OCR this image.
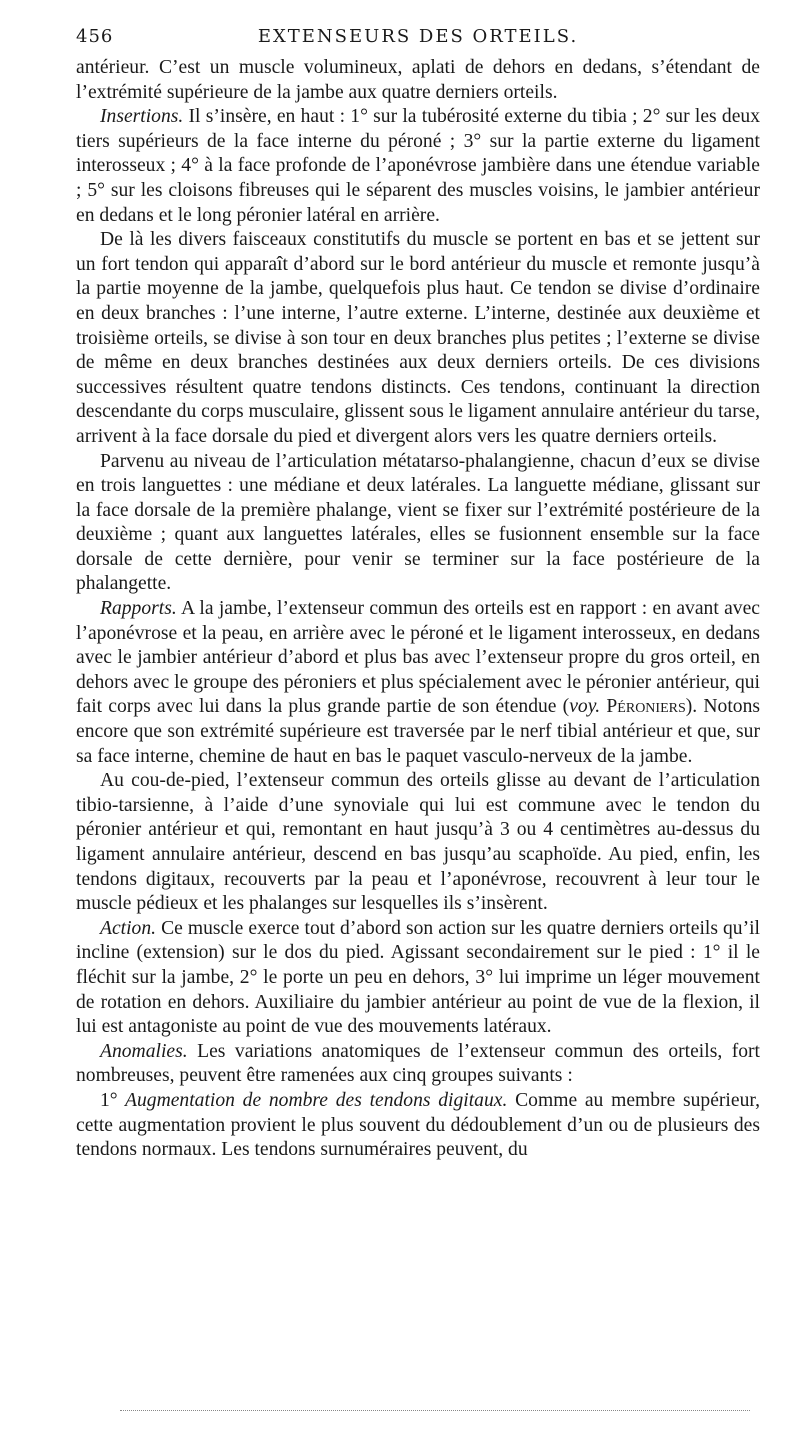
456	EXTENSEURS DES ORTEILS.

antérieur. C’est un muscle volumineux, aplati de dehors en dedans, s’étendant de l’extrémité supérieure de la jambe aux quatre derniers orteils.

Insertions. Il s’insère, en haut : 1° sur la tubérosité externe du tibia ; 2° sur les deux tiers supérieurs de la face interne du péroné ; 3° sur la partie externe du ligament interosseux ; 4° à la face profonde de l’aponévrose jambière dans une étendue variable ; 5° sur les cloisons fibreuses qui le séparent des muscles voisins, le jambier antérieur en dedans et le long péronier latéral en arrière.

De là les divers faisceaux constitutifs du muscle se portent en bas et se jettent sur un fort tendon qui apparaît d’abord sur le bord antérieur du muscle et remonte jusqu’à la partie moyenne de la jambe, quelquefois plus haut. Ce tendon se divise d’ordinaire en deux branches : l’une interne, l’autre externe. L’interne, destinée aux deuxième et troisième orteils, se divise à son tour en deux branches plus petites ; l’externe se divise de même en deux branches destinées aux deux derniers orteils. De ces divisions successives résultent quatre tendons distincts. Ces tendons, continuant la direction descendante du corps musculaire, glissent sous le ligament annulaire antérieur du tarse, arrivent à la face dorsale du pied et divergent alors vers les quatre derniers orteils.

Parvenu au niveau de l’articulation métatarso-phalangienne, chacun d’eux se divise en trois languettes : une médiane et deux latérales. La languette médiane, glissant sur la face dorsale de la première phalange, vient se fixer sur l’extrémité postérieure de la deuxième ; quant aux languettes latérales, elles se fusionnent ensemble sur la face dorsale de cette dernière, pour venir se terminer sur la face postérieure de la phalangette.

Rapports. A la jambe, l’extenseur commun des orteils est en rapport : en avant avec l’aponévrose et la peau, en arrière avec le péroné et le ligament interosseux, en dedans avec le jambier antérieur d’abord et plus bas avec l’extenseur propre du gros orteil, en dehors avec le groupe des péroniers et plus spécialement avec le péronier antérieur, qui fait corps avec lui dans la plus grande partie de son étendue (voy. Péroniers). Notons encore que son extrémité supérieure est traversée par le nerf tibial antérieur et que, sur sa face interne, chemine de haut en bas le paquet vasculo-nerveux de la jambe.

Au cou-de-pied, l’extenseur commun des orteils glisse au devant de l’articulation tibio-tarsienne, à l’aide d’une synoviale qui lui est commune avec le tendon du péronier antérieur et qui, remontant en haut jusqu’à 3 ou 4 centimètres au-dessus du ligament annulaire antérieur, descend en bas jusqu’au scaphoïde. Au pied, enfin, les tendons digitaux, recouverts par la peau et l’aponévrose, recouvrent à leur tour le muscle pédieux et les phalanges sur lesquelles ils s’insèrent.

Action. Ce muscle exerce tout d’abord son action sur les quatre derniers orteils qu’il incline (extension) sur le dos du pied. Agissant secondairement sur le pied : 1° il le fléchit sur la jambe, 2° le porte un peu en dehors, 3° lui imprime un léger mouvement de rotation en dehors. Auxiliaire du jambier antérieur au point de vue de la flexion, il lui est antagoniste au point de vue des mouvements latéraux.

Anomalies. Les variations anatomiques de l’extenseur commun des orteils, fort nombreuses, peuvent être ramenées aux cinq groupes suivants :

1° Augmentation de nombre des tendons digitaux. Comme au membre supérieur, cette augmentation provient le plus souvent du dédoublement d’un ou de plusieurs des tendons normaux. Les tendons surnuméraires peuvent, du
